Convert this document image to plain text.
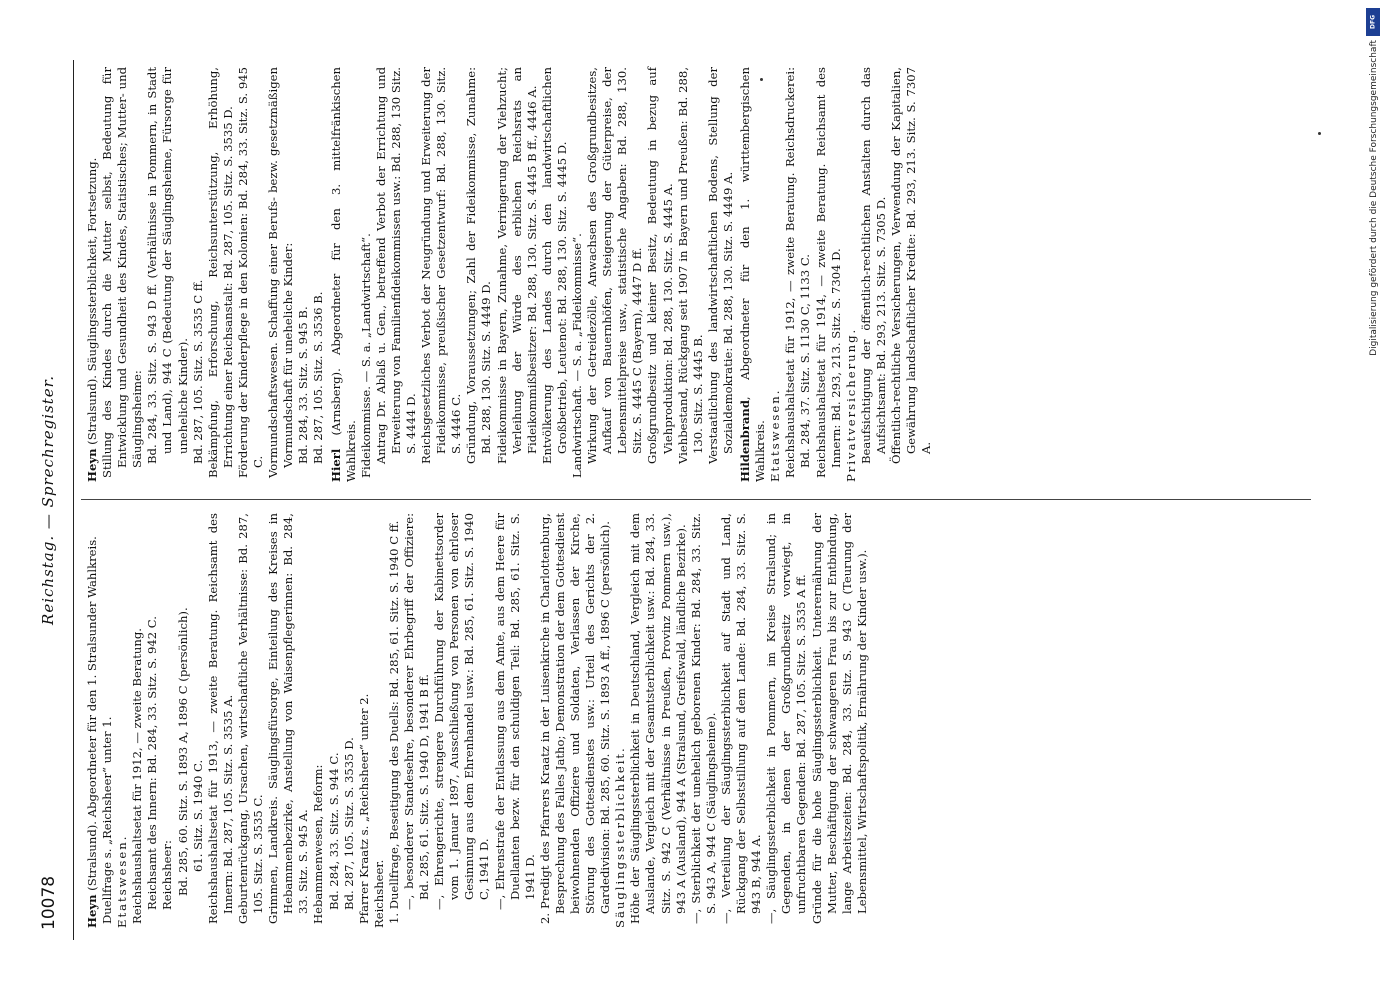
10078
Reichstag. — Sprechregister.

Heyn (Stralsund). Abgeordneter für den 1. Stralsunder Wahlkreis. Duellfrage s. „Reichsheer“ unter 1. Etatswesen. Reichshaushaltsetat für 1912, — zweite Beratung. Reichsamt des Innern: Bd. 284, 33. Sitz. S. 942 C. Reichsheer: Bd. 285, 60. Sitz. S. 1893 A, 1896 C (persönlich). 61. Sitz. S. 1940 C. Reichshaushaltsetat für 1913, — zweite Beratung. Reichsamt des Innern: Bd. 287, 105. Sitz. S. 3535 A. Geburtenrückgang, Ursachen, wirtschaftliche Verhältnisse: Bd. 287, 105. Sitz. S. 3535 C. Grimmen, Landkreis. Säuglingsfürsorge, Einteilung des Kreises in Hebammenbezirke, Anstellung von Waisenpflegerinnen: Bd. 284, 33. Sitz. S. 945 A. Hebammenwesen, Reform: Bd. 284, 33. Sitz. S. 944 C. Bd. 287, 105. Sitz. S. 3535 D. Pfarrer Kraatz s. „Reichsheer“ unter 2. Reichsheer. 1. Duellfrage, Beseitigung des Duells: Bd. 285, 61. Sitz. S. 1940 C ff. —, besonderer Standesehre, besonderer Ehrbegriff der Offiziere: Bd. 285, 61. Sitz. S. 1940 D, 1941 B ff. —, Ehrengerichte, strengere Durchführung der Kabinettsorder vom 1. Januar 1897, Ausschließung von Personen von ehrloser Gesinnung aus dem Ehrenhandel usw.: Bd. 285, 61. Sitz. S. 1940 C, 1941 D. —, Ehrenstrafe der Entlassung aus dem Amte, aus dem Heere für Duellanten bezw. für den schuldigen Teil: Bd. 285, 61. Sitz. S. 1941 D. 2. Predigt des Pfarrers Kraatz in der Luisenkirche in Charlottenburg, Besprechung des Falles Jatho; Demonstration der dem Gottesdienst beiwohnenden Offiziere und Soldaten, Verlassen der Kirche, Störung des Gottesdienstes usw.: Urteil des Gerichts der 2. Gardedivision: Bd. 285, 60. Sitz. S. 1893 A ff., 1896 C (persönlich). Säuglingssterblichkeit. Höhe der Säuglingssterblichkeit in Deutschland, Vergleich mit dem Auslande, Vergleich mit der Gesamtsterblichkeit usw.: Bd. 284, 33. Sitz. S. 942 C (Verhältnisse in Preußen, Provinz Pommern usw.), 943 A (Ausland), 944 A (Stralsund, Greifswald, ländliche Bezirke). —, Sterblichkeit der unehelich geborenen Kinder: Bd. 284, 33. Sitz. S. 943 A, 944 C (Säuglingsheime). —, Verteilung der Säuglingssterblichkeit auf Stadt und Land, Rückgang der Selbststillung auf dem Lande: Bd. 284, 33. Sitz. S. 943 B, 944 A. —, Säuglingssterblichkeit in Pommern, im Kreise Stralsund; in Gegenden, in denen der Großgrundbesitz vorwiegt, in unfruchtbaren Gegenden: Bd. 287, 105. Sitz. S. 3535 A ff. Gründe für die hohe Säuglingssterblichkeit. Unterernährung der Mutter, Beschäftigung der schwangeren Frau bis zur Entbindung, lange Arbeitszeiten: Bd. 284, 33. Sitz. S. 943 C (Teurung der Lebensmittel, Wirtschaftspolitik, Ernährung der Kinder usw.).

Heyn (Stralsund). Säuglingssterblichkeit, Fortsetzung. Stillung des Kindes durch die Mutter selbst, Bedeutung für Entwicklung und Gesundheit des Kindes, Statistisches; Mutter- und Säuglingsheime: Bd. 284, 33. Sitz. S. 943 D ff. (Verhältnisse in Pommern, in Stadt und Land), 944 C (Bedeutung der Säuglingsheime, Fürsorge für uneheliche Kinder). Bd. 287, 105. Sitz. S. 3535 C ff. Bekämpfung, Erforschung, Reichsunterstützung, Erhöhung, Errichtung einer Reichsanstalt: Bd. 287, 105. Sitz. S. 3535 D. Förderung der Kinderpflege in den Kolonien: Bd. 284, 33. Sitz. S. 945 C. Vormundschaftswesen. Schaffung einer Berufs- bezw. gesetzmäßigen Vormundschaft für uneheliche Kinder: Bd. 284, 33. Sitz. S. 945 B. Bd. 287, 105. Sitz. S. 3536 B.

Hierl (Arnsberg). Abgeordneter für den 3. mittelfränkischen Wahlkreis. Fideikommisse. — S. a. „Landwirtschaft“. Antrag Dr. Ablaß u. Gen., betreffend Verbot der Errichtung und Erweiterung von Familienfideikommissen usw.: Bd. 288, 130 Sitz. S. 4444 D. Reichsgesetzliches Verbot der Neugründung und Erweiterung der Fideikommisse, preußischer Gesetzentwurf: Bd. 288, 130. Sitz. S. 4446 C. Gründung, Voraussetzungen; Zahl der Fideikommisse, Zunahme: Bd. 288, 130. Sitz. S. 4449 D. Fideikommisse in Bayern, Zunahme, Verringerung der Viehzucht; Verleihung der Würde des erblichen Reichsrats an Fideikommißbesitzer: Bd. 288, 130. Sitz. S. 4445 B ff., 4446 A. Entvölkerung des Landes durch den landwirtschaftlichen Großbetrieb, Leutenot: Bd. 288, 130. Sitz. S. 4445 D. Landwirtschaft. — S. a. „Fideikommisse“. Wirkung der Getreidezölle, Anwachsen des Großgrundbesitzes, Aufkauf von Bauernhöfen, Steigerung der Güterpreise, der Lebensmittelpreise usw., statistische Angaben: Bd. 288, 130. Sitz. S. 4445 C (Bayern), 4447 D ff. Großgrundbesitz und kleiner Besitz, Bedeutung in bezug auf Viehproduktion: Bd. 288, 130. Sitz. S. 4445 A. Viehbestand, Rückgang seit 1907 in Bayern und Preußen: Bd. 288, 130. Sitz. S. 4445 B. Verstaatlichung des landwirtschaftlichen Bodens, Stellung der Sozialdemokratie: Bd. 288, 130. Sitz. S. 4449 A. Hildenbrand, Abgeordneter für den 1. württembergischen Wahlkreis. Etatswesen. Reichshaushaltsetat für 1912, — zweite Beratung. Reichsdruckerei: Bd. 284, 37. Sitz. S. 1130 C, 1133 C. Reichshaushaltsetat für 1914, — zweite Beratung. Reichsamt des Innern: Bd. 293, 213. Sitz. S. 7304 D. Privatversicherung. Beaufsichtigung der öffentlich-rechtlichen Anstalten durch das Aufsichtsamt: Bd. 293, 213. Sitz. S. 7305 D. Öffentlich-rechtliche Versicherungen, Verwendung der Kapitalien, Gewährung landschaftlicher Kredite: Bd. 293, 213. Sitz. S. 7307 A.

DFG
Digitalisierung gefördert durch die Deutsche Forschungsgemeinschaft
